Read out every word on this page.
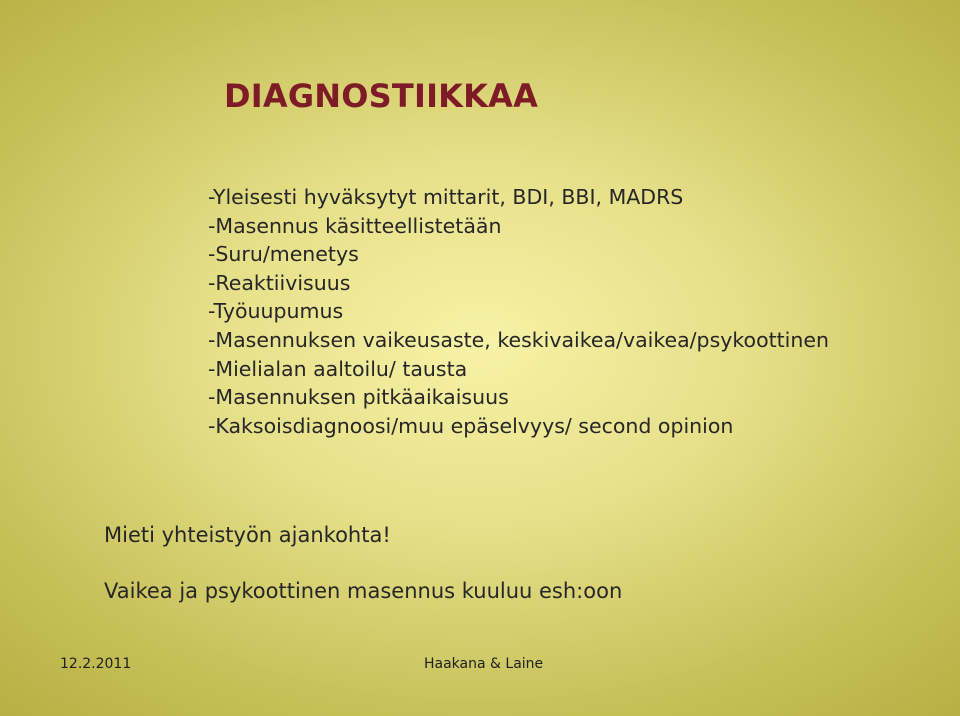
DIAGNOSTIIKKAA
-Yleisesti hyväksytyt mittarit, BDI, BBI, MADRS
-Masennus käsitteellistetään
-Suru/menetys
-Reaktiivisuus
-Työuupumus
-Masennuksen vaikeusaste, keskivaikea/vaikea/psykoottinen
-Mielialan aaltoilu/ tausta
-Masennuksen pitkäaikaisuus
-Kaksoisdiagnoosi/muu epäselvyys/ second opinion

Mieti yhteistyön ajankohta!

Vaikea ja psykoottinen masennus kuuluu esh:oon

12.2.2011	Haakana & Laine
